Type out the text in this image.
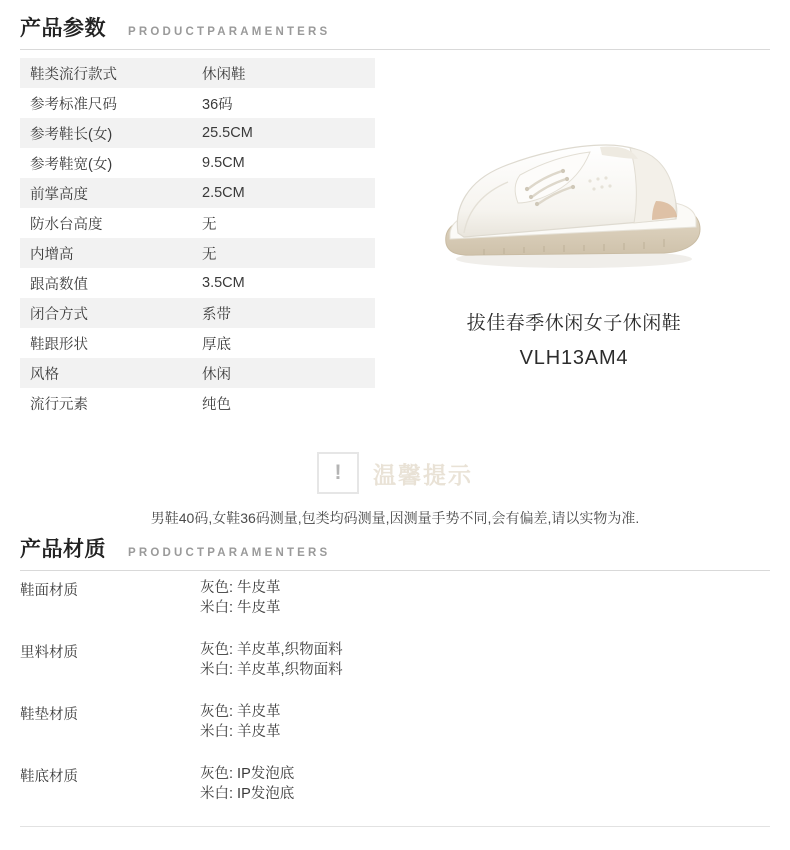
产品参数 PRODUCTPARAMENTERS
鞋类流行款式	休闲鞋
参考标准尺码	36码
参考鞋长(女)	25.5CM
参考鞋宽(女)	9.5CM
前掌高度	2.5CM
防水台高度	无
内增高	无
跟高数值	3.5CM
闭合方式	系带
鞋跟形状	厚底
风格	休闲
流行元素	纯色
拔佳春季休闲女子休闲鞋
VLH13AM4
!	温馨提示
男鞋40码,女鞋36码测量,包类均码测量,因测量手势不同,会有偏差,请以实物为准.
产品材质 PRODUCTPARAMENTERS
鞋面材质	灰色: 牛皮革
米白: 牛皮革
里料材质	灰色: 羊皮革,织物面料
米白: 羊皮革,织物面料
鞋垫材质	灰色: 羊皮革
米白: 羊皮革
鞋底材质	灰色: IP发泡底
米白: IP发泡底
